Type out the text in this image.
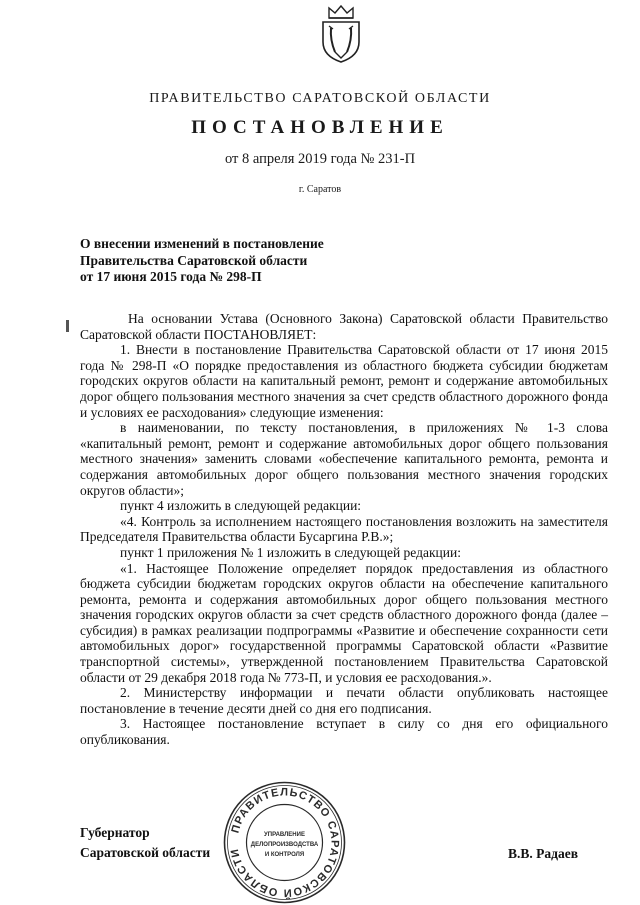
ПРАВИТЕЛЬСТВО САРАТОВСКОЙ ОБЛАСТИ
ПОСТАНОВЛЕНИЕ
от 8 апреля 2019 года № 231-П
г. Саратов
О внесении изменений в постановление
Правительства Саратовской области
от 17 июня 2015 года № 298-П

На основании Устава (Основного Закона) Саратовской области Правительство Саратовской области ПОСТАНОВЛЯЕТ:

1. Внести в постановление Правительства Саратовской области от 17 июня 2015 года № 298-П «О порядке предоставления из областного бюджета субсидии бюджетам городских округов области на капитальный ремонт, ремонт и содержание автомобильных дорог общего пользования местного значения за счет средств областного дорожного фонда и условиях ее расходования» следующие изменения:

в наименовании, по тексту постановления, в приложениях № 1-3 слова «капитальный ремонт, ремонт и содержание автомобильных дорог общего пользования местного значения» заменить словами «обеспечение капитального ремонта, ремонта и содержания автомобильных дорог общего пользования местного значения городских округов области»;

пункт 4 изложить в следующей редакции:

«4. Контроль за исполнением настоящего постановления возложить на заместителя Председателя Правительства области Бусаргина Р.В.»;

пункт 1 приложения № 1 изложить в следующей редакции:

«1. Настоящее Положение определяет порядок предоставления из областного бюджета субсидии бюджетам городских округов области на обеспечение капитального ремонта, ремонта и содержания автомобильных дорог общего пользования местного значения городских округов области за счет средств областного дорожного фонда (далее – субсидия) в рамках реализации подпрограммы «Развитие и обеспечение сохранности сети автомобильных дорог» государственной программы Саратовской области «Развитие транспортной системы», утвержденной постановлением Правительства Саратовской области от 29 декабря 2018 года № 773-П, и условия ее расходования.».

2. Министерству информации и печати области опубликовать настоящее постановление в течение десяти дней со дня его подписания.

3. Настоящее постановление вступает в силу со дня его официального опубликования.

Губернатор
Саратовской области
ПРАВИТЕЛЬСТВО САРАТОВСКОЙ ОБЛАСТИ
УПРАВЛЕНИЕ
ДЕЛОПРОИЗВОДСТВА
И КОНТРОЛЯ	В.В. Радаев
